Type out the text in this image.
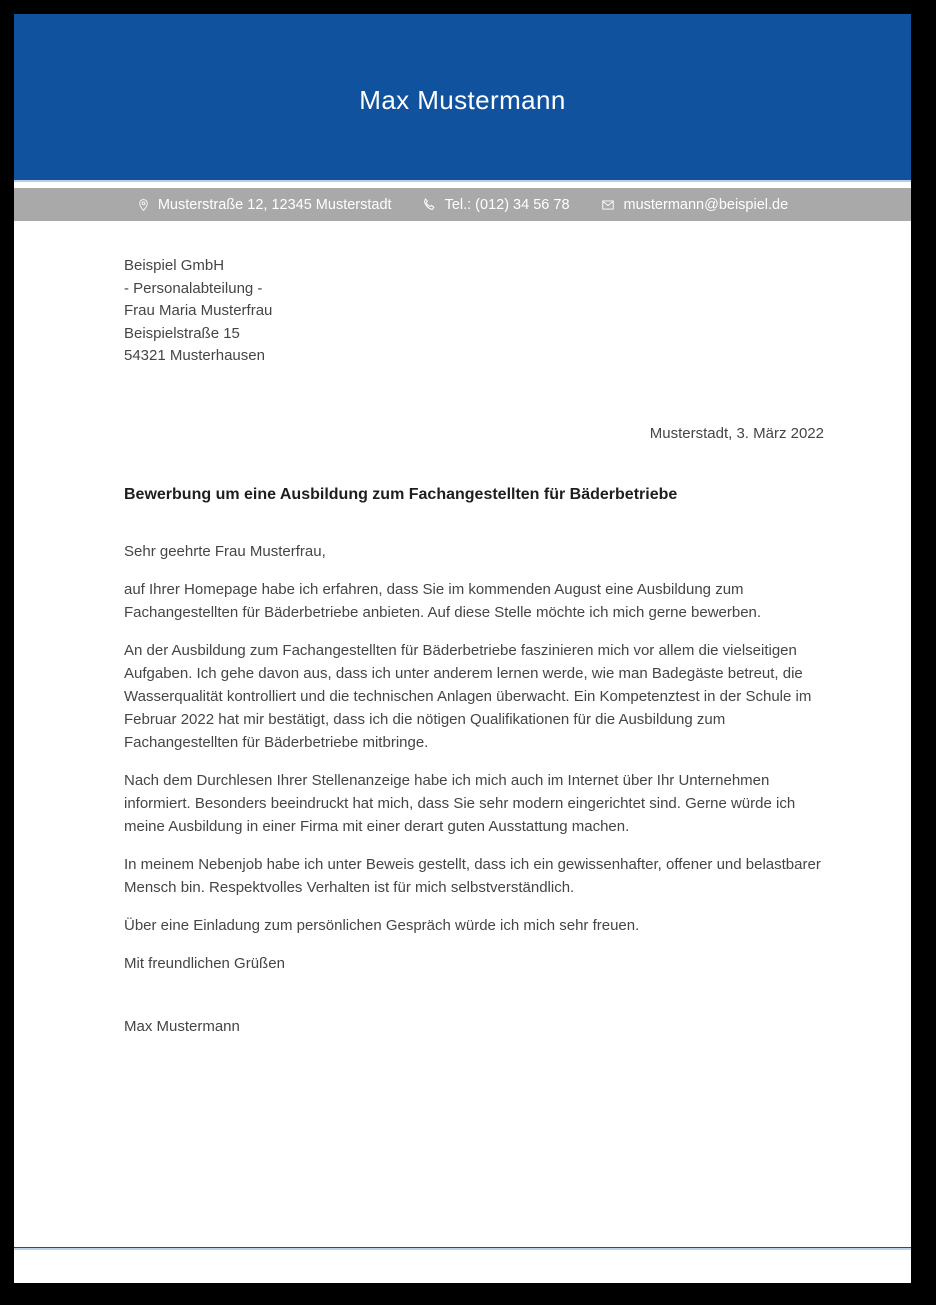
Max Mustermann
Musterstraße 12, 12345 Musterstadt	Tel.: (012) 34 56 78	mustermann@beispiel.de
Beispiel GmbH
- Personalabteilung -
Frau Maria Musterfrau
Beispielstraße 15
54321 Musterhausen
Musterstadt, 3. März 2022
Bewerbung um eine Ausbildung zum Fachangestellten für Bäderbetriebe

Sehr geehrte Frau Musterfrau,

auf Ihrer Homepage habe ich erfahren, dass Sie im kommenden August eine Ausbildung zum Fachangestellten für Bäderbetriebe anbieten. Auf diese Stelle möchte ich mich gerne bewerben.

An der Ausbildung zum Fachangestellten für Bäderbetriebe faszinieren mich vor allem die vielseitigen Aufgaben. Ich gehe davon aus, dass ich unter anderem lernen werde, wie man Badegäste betreut, die Wasserqualität kontrolliert und die technischen Anlagen überwacht. Ein Kompetenztest in der Schule im Februar 2022 hat mir bestätigt, dass ich die nötigen Qualifikationen für die Ausbildung zum Fachangestellten für Bäderbetriebe mitbringe.

Nach dem Durchlesen Ihrer Stellenanzeige habe ich mich auch im Internet über Ihr Unternehmen informiert. Besonders beeindruckt hat mich, dass Sie sehr modern eingerichtet sind. Gerne würde ich meine Ausbildung in einer Firma mit einer derart guten Ausstattung machen.

In meinem Nebenjob habe ich unter Beweis gestellt, dass ich ein gewissenhafter, offener und belastbarer Mensch bin. Respektvolles Verhalten ist für mich selbstverständlich.

Über eine Einladung zum persönlichen Gespräch würde ich mich sehr freuen.

Mit freundlichen Grüßen

Max Mustermann
